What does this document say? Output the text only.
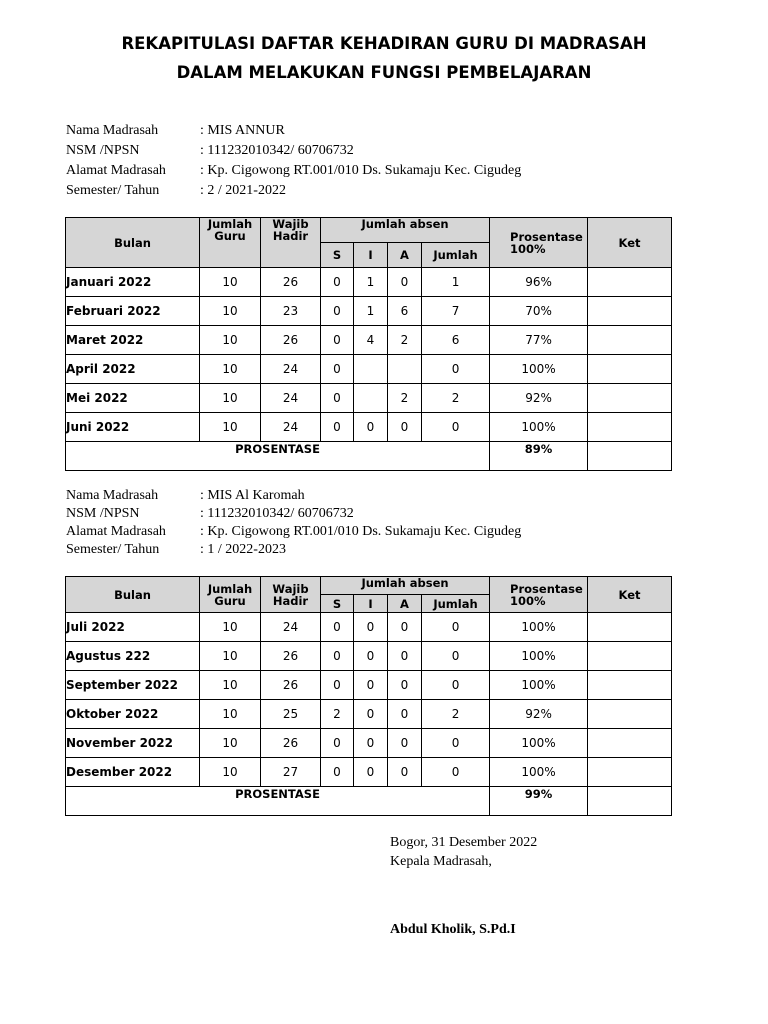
REKAPITULASI DAFTAR KEHADIRAN GURU DI MADRASAH
DALAM MELAKUKAN FUNGSI PEMBELAJARAN
Nama Madrasah	: MIS ANNUR
NSM /NPSN	: 111232010342/ 60706732
Alamat Madrasah : Kp. Cigowong RT.001/010 Ds. Sukamaju Kec. Cigudeg
Semester/ Tahun	: 2 / 2021-2022
Bulan	Jumlah Guru	Wajib Hadir	Jumlah absen				Prosentase 100%	Ket
			S	I	A	Jumlah		
Januari 2022	10	26	0	1	0	1	96%	
Februari 2022	10	23	0	1	6	7	70%	
Maret 2022	10	26	0	4	2	6	77%	
April 2022	10	24	0			0	100%	
Mei 2022	10	24	0		2	2	92%	
Juni 2022	10	24	0	0	0	0	100%	
PROSENTASE							89%	
Nama Madrasah	: MIS Al Karomah
NSM /NPSN	: 111232010342/ 60706732
Alamat Madrasah : Kp. Cigowong RT.001/010 Ds. Sukamaju Kec. Cigudeg
Semester/ Tahun	: 1 / 2022-2023
Bulan	Jumlah Guru	Wajib Hadir	Jumlah absen				Prosentase 100%	Ket
			S	I	A	Jumlah		
Juli 2022	10	24	0	0	0	0	100%	
Agustus 222	10	26	0	0	0	0	100%	
September 2022	10	26	0	0	0	0	100%	
Oktober 2022	10	25	2	0	0	2	92%	
November 2022	10	26	0	0	0	0	100%	
Desember 2022	10	27	0	0	0	0	100%	
PROSENTASE							99%	
Bogor, 31 Desember 2022
Kepala Madrasah,
Abdul Kholik, S.Pd.I
